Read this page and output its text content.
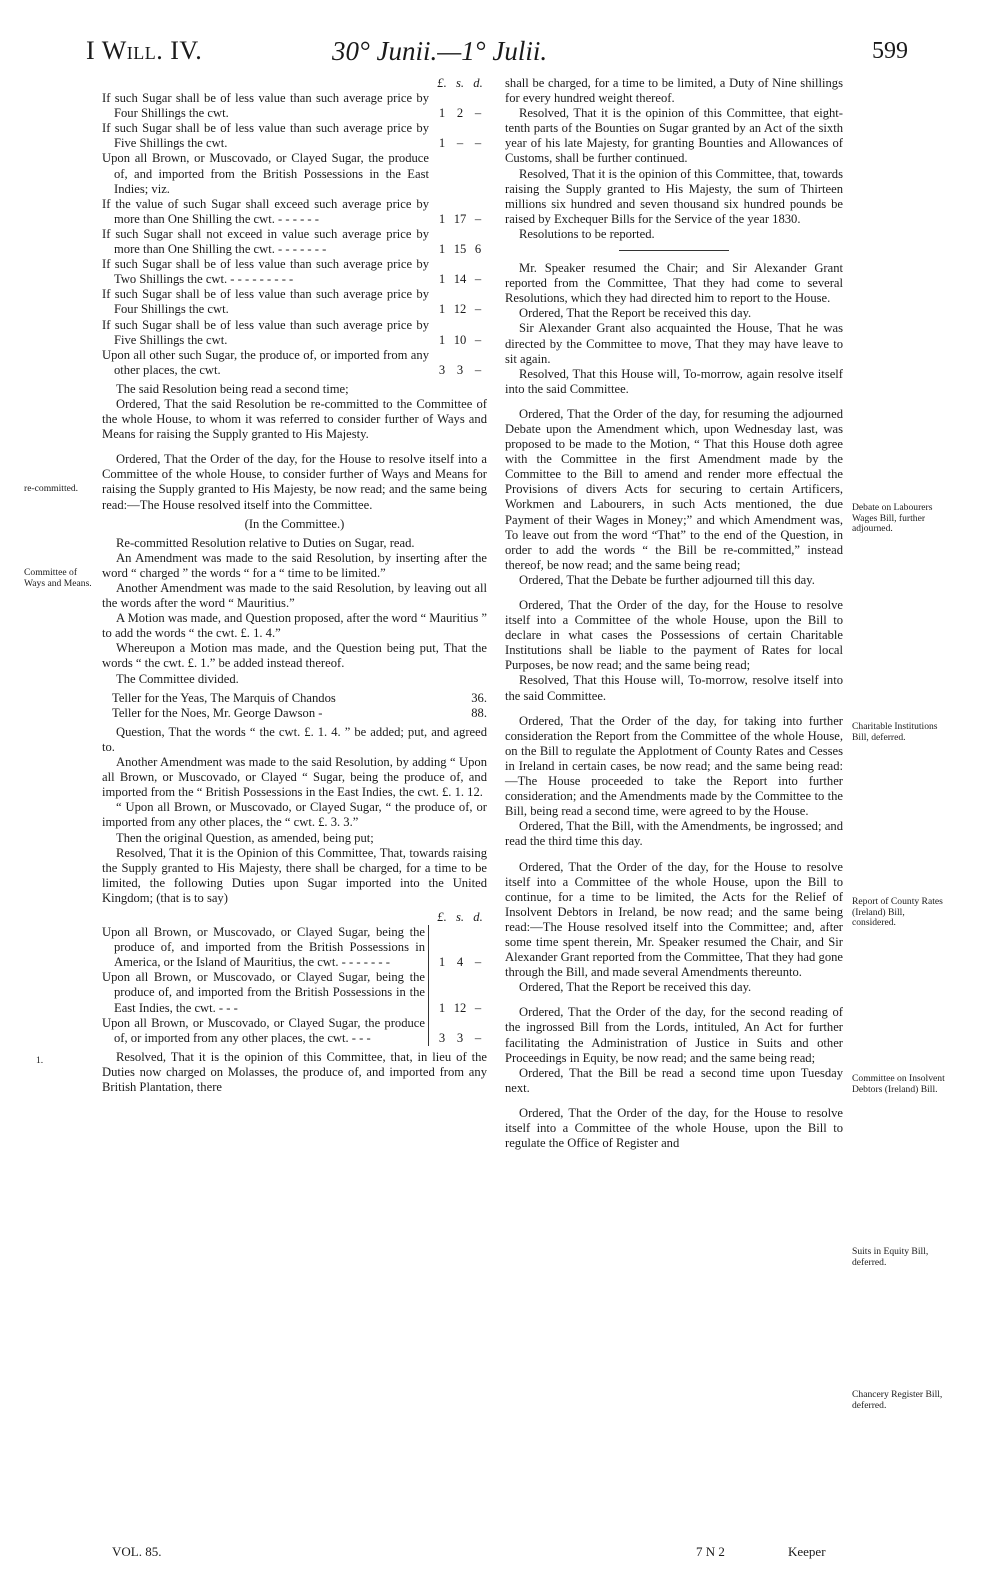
I Will. IV.	30° Junii.—1° Julii.	599
re-committed.
Committee of Ways and Means.
1.
Debate on Labourers Wages Bill, further adjourned.
Charitable Institutions Bill, deferred.
Report of County Rates (Ireland) Bill, considered.
Committee on Insolvent Debtors (Ireland) Bill.
Suits in Equity Bill, deferred.
Chancery Register Bill, deferred.
£. s. d.
If such Sugar shall be of less value than such average price by Four Shillings the cwt.	1 2 –
If such Sugar shall be of less value than such average price by Five Shillings the cwt.	1 – –
Upon all Brown, or Muscovado, or Clayed Sugar, the produce of, and imported from the British Possessions in the East Indies; viz.
If the value of such Sugar shall exceed such average price by more than One Shilling the cwt. - - - - - -	1 17 –
If such Sugar shall not exceed in value such average price by more than One Shilling the cwt. - - - - - - -	1 15 6
If such Sugar shall be of less value than such average price by Two Shillings the cwt. - - - - - - - - -	1 14 –
If such Sugar shall be of less value than such average price by Four Shillings the cwt.	1 12 –
If such Sugar shall be of less value than such average price by Five Shillings the cwt.	1 10 –
Upon all other such Sugar, the produce of, or imported from any other places, the cwt.	3 3 –

The said Resolution being read a second time;

Ordered, That the said Resolution be re-committed to the Committee of the whole House, to whom it was referred to consider further of Ways and Means for raising the Supply granted to His Majesty.

Ordered, That the Order of the day, for the House to resolve itself into a Committee of the whole House, to consider further of Ways and Means for raising the Supply granted to His Majesty, be now read; and the same being read:—The House resolved itself into the Committee.

(In the Committee.)

Re-committed Resolution relative to Duties on Sugar, read.

An Amendment was made to the said Resolution, by inserting after the word “ charged ” the words “ for a “ time to be limited.”

Another Amendment was made to the said Resolution, by leaving out all the words after the word “ Mauritius.”

A Motion was made, and Question proposed, after the word “ Mauritius ” to add the words “ the cwt. £. 1. 4.”

Whereupon a Motion mas made, and the Question being put, That the words “ the cwt. £. 1.” be added instead thereof.

The Committee divided.

Teller for the Yeas, The Marquis of Chandos	36.

Teller for the Noes, Mr. George Dawson -	88.

Question, That the words “ the cwt. £. 1. 4. ” be added; put, and agreed to.

Another Amendment was made to the said Resolution, by adding “ Upon all Brown, or Muscovado, or Clayed “ Sugar, being the produce of, and imported from the “ British Possessions in the East Indies, the cwt. £. 1. 12.

“ Upon all Brown, or Muscovado, or Clayed Sugar, “ the produce of, or imported from any other places, the “ cwt. £. 3. 3.”

Then the original Question, as amended, being put;

Resolved, That it is the Opinion of this Committee, That, towards raising the Supply granted to His Majesty, there shall be charged, for a time to be limited, the following Duties upon Sugar imported into the United Kingdom; (that is to say)

£. s. d.
Upon all Brown, or Muscovado, or Clayed Sugar, being the produce of, and imported from the British Possessions in America, or the Island of Mauritius, the cwt. - - - - - - -	1 4 –
Upon all Brown, or Muscovado, or Clayed Sugar, being the produce of, and imported from the British Possessions in the East Indies, the cwt. - - -	1 12 –
Upon all Brown, or Muscovado, or Clayed Sugar, the produce of, or imported from any other places, the cwt. - - -	3 3 –

Resolved, That it is the opinion of this Committee, that, in lieu of the Duties now charged on Molasses, the produce of, and imported from any British Plantation, there

shall be charged, for a time to be limited, a Duty of Nine shillings for every hundred weight thereof.

Resolved, That it is the opinion of this Committee, that eight-tenth parts of the Bounties on Sugar granted by an Act of the sixth year of his late Majesty, for granting Bounties and Allowances of Customs, shall be further continued.

Resolved, That it is the opinion of this Committee, that, towards raising the Supply granted to His Majesty, the sum of Thirteen millions six hundred and seven thousand six hundred pounds be raised by Exchequer Bills for the Service of the year 1830.

Resolutions to be reported.

Mr. Speaker resumed the Chair; and Sir Alexander Grant reported from the Committee, That they had come to several Resolutions, which they had directed him to report to the House.

Ordered, That the Report be received this day.

Sir Alexander Grant also acquainted the House, That he was directed by the Committee to move, That they may have leave to sit again.

Resolved, That this House will, To-morrow, again resolve itself into the said Committee.

Ordered, That the Order of the day, for resuming the adjourned Debate upon the Amendment which, upon Wednesday last, was proposed to be made to the Motion, “ That this House doth agree with the Committee in the first Amendment made by the Committee to the Bill to amend and render more effectual the Provisions of divers Acts for securing to certain Artificers, Workmen and Labourers, in such Acts mentioned, the due Payment of their Wages in Money;” and which Amendment was, To leave out from the word “That” to the end of the Question, in order to add the words “ the Bill be re-committed,” instead thereof, be now read; and the same being read;

Ordered, That the Debate be further adjourned till this day.

Ordered, That the Order of the day, for the House to resolve itself into a Committee of the whole House, upon the Bill to declare in what cases the Possessions of certain Charitable Institutions shall be liable to the payment of Rates for local Purposes, be now read; and the same being read;

Resolved, That this House will, To-morrow, resolve itself into the said Committee.

Ordered, That the Order of the day, for taking into further consideration the Report from the Committee of the whole House, on the Bill to regulate the Applotment of County Rates and Cesses in Ireland in certain cases, be now read; and the same being read:—The House proceeded to take the Report into further consideration; and the Amendments made by the Committee to the Bill, being read a second time, were agreed to by the House.

Ordered, That the Bill, with the Amendments, be ingrossed; and read the third time this day.

Ordered, That the Order of the day, for the House to resolve itself into a Committee of the whole House, upon the Bill to continue, for a time to be limited, the Acts for the Relief of Insolvent Debtors in Ireland, be now read; and the same being read:—The House resolved itself into the Committee; and, after some time spent therein, Mr. Speaker resumed the Chair, and Sir Alexander Grant reported from the Committee, That they had gone through the Bill, and made several Amendments thereunto.

Ordered, That the Report be received this day.

Ordered, That the Order of the day, for the second reading of the ingrossed Bill from the Lords, intituled, An Act for further facilitating the Administration of Justice in Suits and other Proceedings in Equity, be now read; and the same being read;

Ordered, That the Bill be read a second time upon Tuesday next.

Ordered, That the Order of the day, for the House to resolve itself into a Committee of the whole House, upon the Bill to regulate the Office of Register and

VOL. 85.	7 N 2	Keeper
